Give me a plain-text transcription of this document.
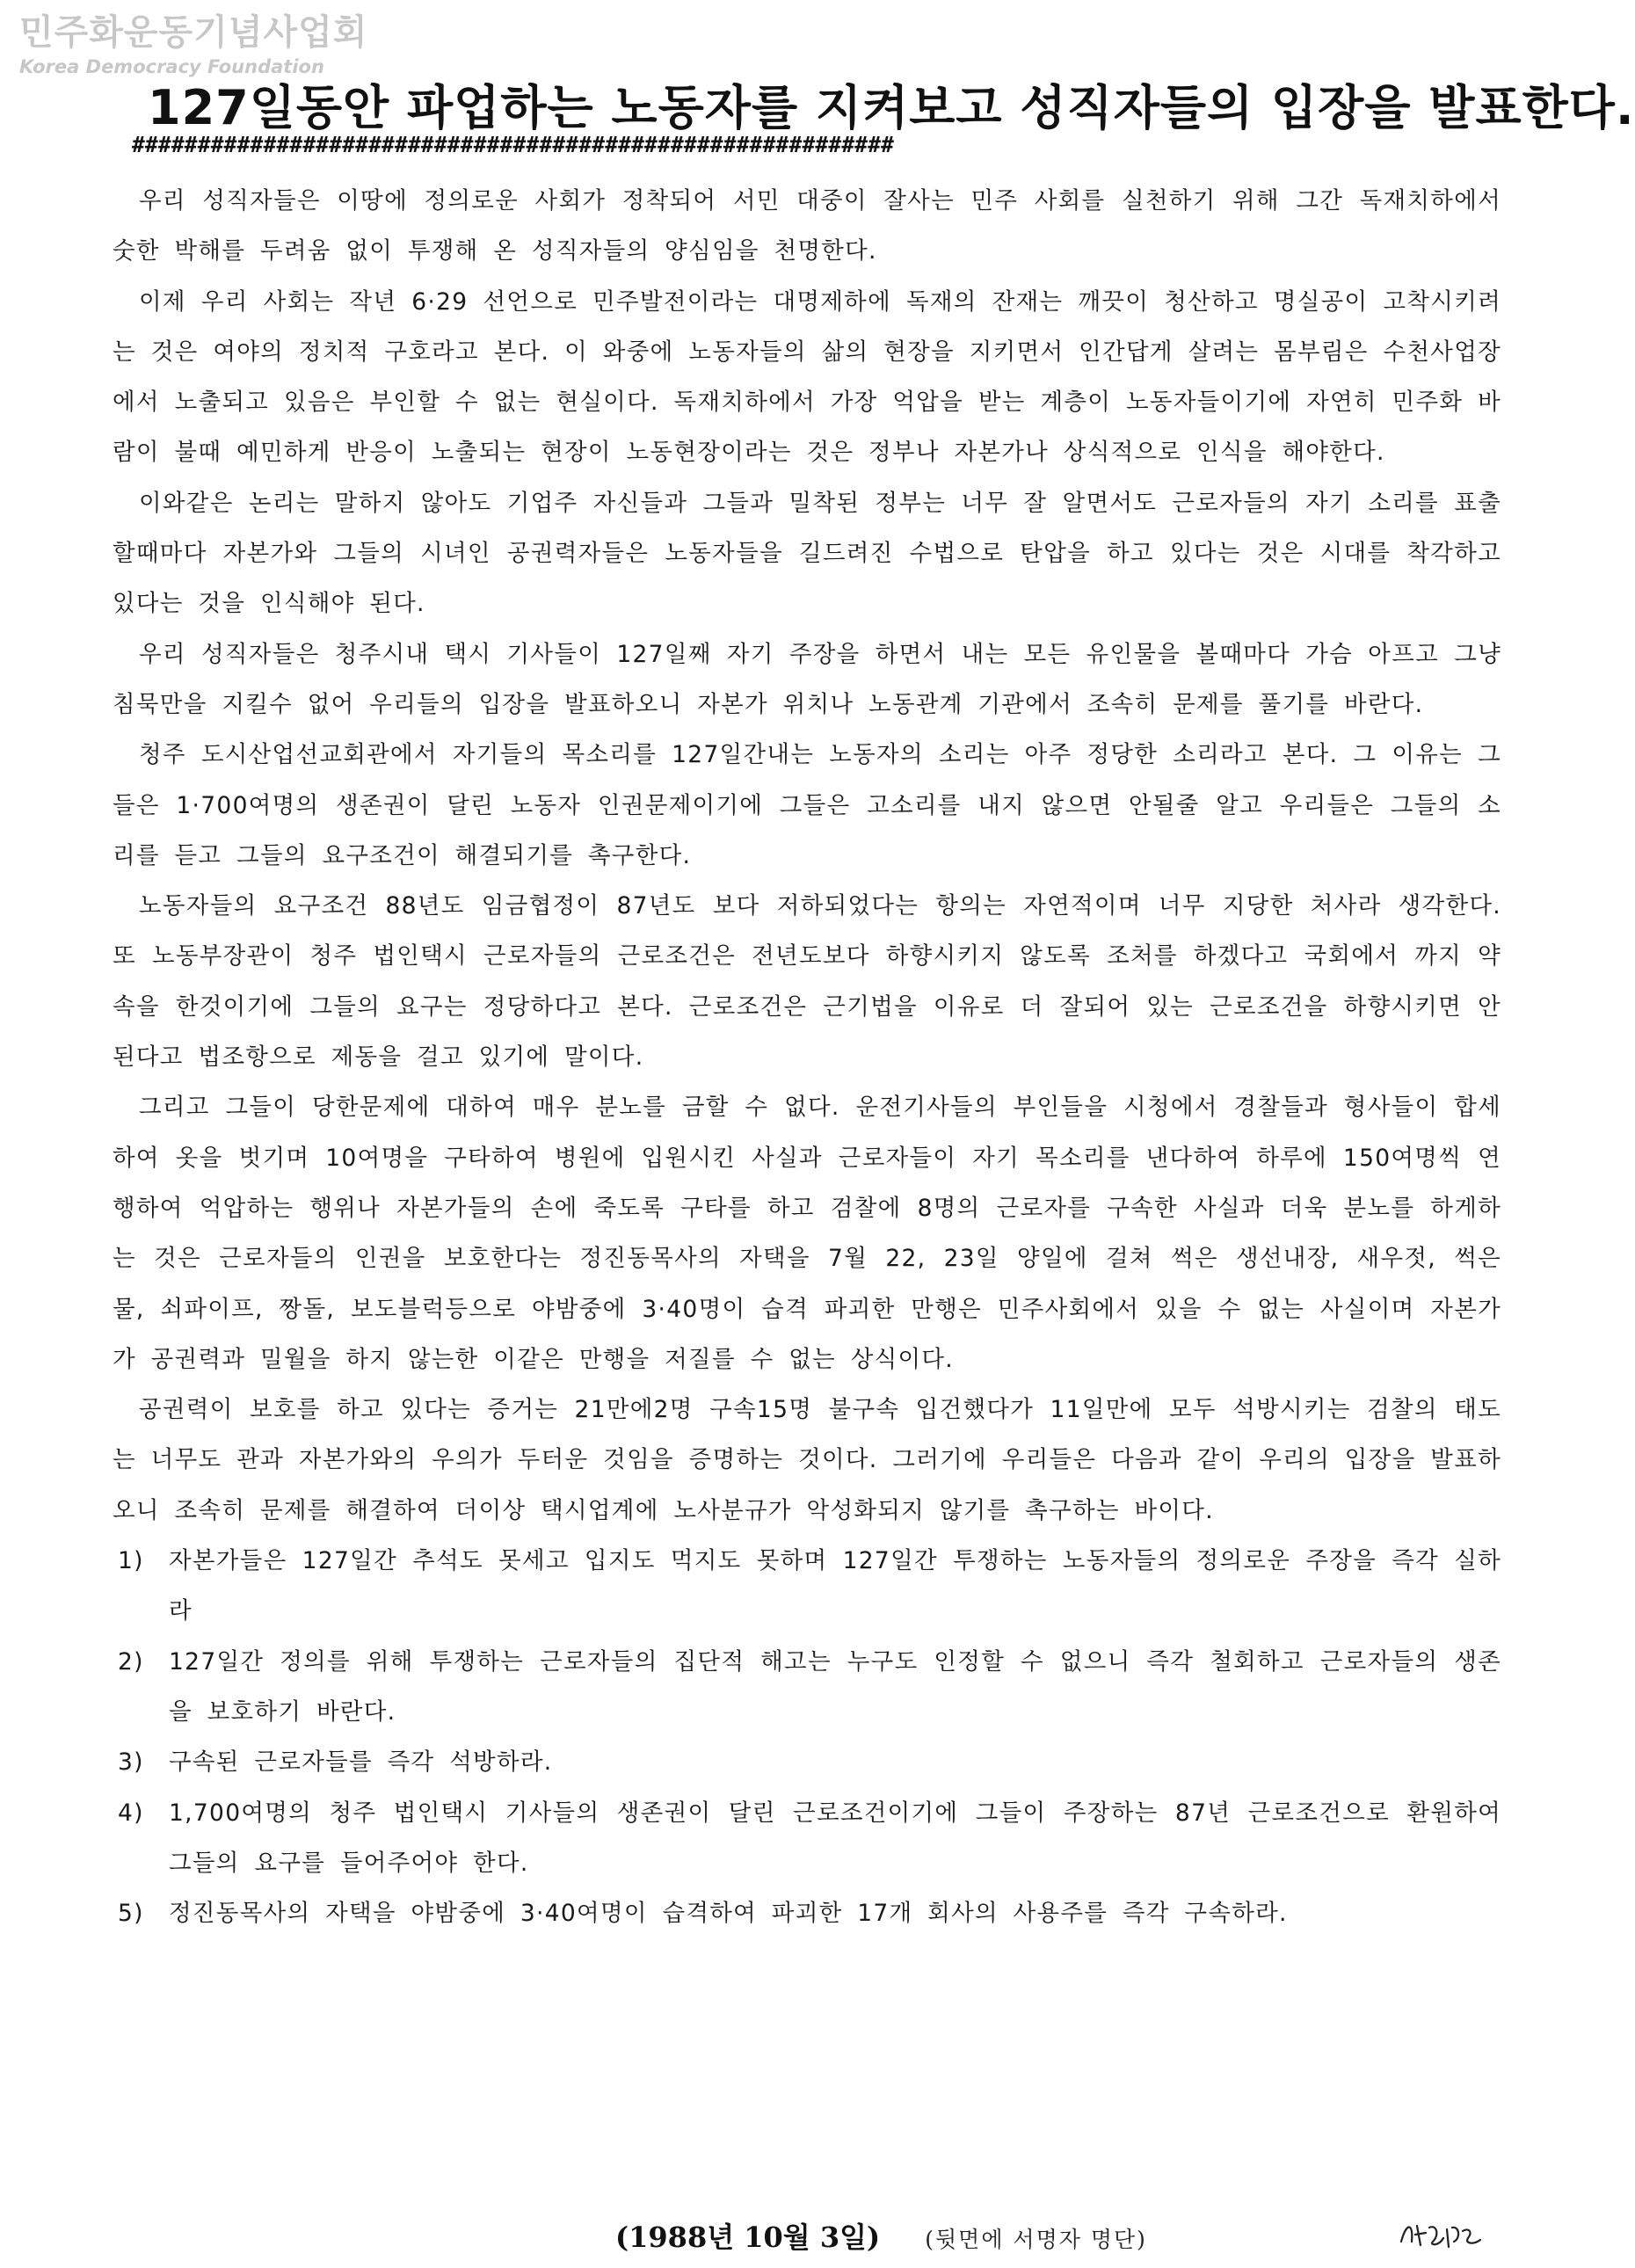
민주화운동기념사업회
Korea Democracy Foundation
127일동안 파업하는 노동자를 지켜보고 성직자들의 입장을 발표한다.
##########################################################

우리 성직자들은 이땅에 정의로운 사회가 정착되어 서민 대중이 잘사는 민주 사회를 실천하기 위해 그간 독재치하에서 숫한 박해를 두려움 없이 투쟁해 온 성직자들의 양심임을 천명한다.

이제 우리 사회는 작년 6·29 선언으로 민주발전이라는 대명제하에 독재의 잔재는 깨끗이 청산하고 명실공이 고착시키려는 것은 여야의 정치적 구호라고 본다. 이 와중에 노동자들의 삶의 현장을 지키면서 인간답게 살려는 몸부림은 수천사업장에서 노출되고 있음은 부인할 수 없는 현실이다. 독재치하에서 가장 억압을 받는 계층이 노동자들이기에 자연히 민주화 바람이 불때 예민하게 반응이 노출되는 현장이 노동현장이라는 것은 정부나 자본가나 상식적으로 인식을 해야한다.

이와같은 논리는 말하지 않아도 기업주 자신들과 그들과 밀착된 정부는 너무 잘 알면서도 근로자들의 자기 소리를 표출할때마다 자본가와 그들의 시녀인 공권력자들은 노동자들을 길드려진 수법으로 탄압을 하고 있다는 것은 시대를 착각하고 있다는 것을 인식해야 된다.

우리 성직자들은 청주시내 택시 기사들이 127일째 자기 주장을 하면서 내는 모든 유인물을 볼때마다 가슴 아프고 그냥 침묵만을 지킬수 없어 우리들의 입장을 발표하오니 자본가 위치나 노동관계 기관에서 조속히 문제를 풀기를 바란다.

청주 도시산업선교회관에서 자기들의 목소리를 127일간내는 노동자의 소리는 아주 정당한 소리라고 본다. 그 이유는 그들은 1·700여명의 생존권이 달린 노동자 인권문제이기에 그들은 고소리를 내지 않으면 안될줄 알고 우리들은 그들의 소리를 듣고 그들의 요구조건이 해결되기를 촉구한다.

노동자들의 요구조건 88년도 임금협정이 87년도 보다 저하되었다는 항의는 자연적이며 너무 지당한 처사라 생각한다. 또 노동부장관이 청주 법인택시 근로자들의 근로조건은 전년도보다 하향시키지 않도록 조처를 하겠다고 국회에서 까지 약속을 한것이기에 그들의 요구는 정당하다고 본다. 근로조건은 근기법을 이유로 더 잘되어 있는 근로조건을 하향시키면 안된다고 법조항으로 제동을 걸고 있기에 말이다.

그리고 그들이 당한문제에 대하여 매우 분노를 금할 수 없다. 운전기사들의 부인들을 시청에서 경찰들과 형사들이 합세하여 옷을 벗기며 10여명을 구타하여 병원에 입원시킨 사실과 근로자들이 자기 목소리를 낸다하여 하루에 150여명씩 연행하여 억압하는 행위나 자본가들의 손에 죽도록 구타를 하고 검찰에 8명의 근로자를 구속한 사실과 더욱 분노를 하게하는 것은 근로자들의 인권을 보호한다는 정진동목사의 자택을 7월 22, 23일 양일에 걸쳐 썩은 생선내장, 새우젓, 썩은 물, 쇠파이프, 짱돌, 보도블럭등으로 야밤중에 3·40명이 습격 파괴한 만행은 민주사회에서 있을 수 없는 사실이며 자본가가 공권력과 밀월을 하지 않는한 이같은 만행을 저질를 수 없는 상식이다.

공권력이 보호를 하고 있다는 증거는 21만에2명 구속15명 불구속 입건했다가 11일만에 모두 석방시키는 검찰의 태도는 너무도 관과 자본가와의 우의가 두터운 것임을 증명하는 것이다. 그러기에 우리들은 다음과 같이 우리의 입장을 발표하오니 조속히 문제를 해결하여 더이상 택시업계에 노사분규가 악성화되지 않기를 촉구하는 바이다.

1) 자본가들은 127일간 추석도 못세고 입지도 먹지도 못하며 127일간 투쟁하는 노동자들의 정의로운 주장을 즉각 실하라
2) 127일간 정의를 위해 투쟁하는 근로자들의 집단적 해고는 누구도 인정할 수 없으니 즉각 철회하고 근로자들의 생존을 보호하기 바란다.
3) 구속된 근로자들를 즉각 석방하라.
4) 1,700여명의 청주 법인택시 기사들의 생존권이 달린 근로조건이기에 그들이 주장하는 87년 근로조건으로 환원하여 그들의 요구를 들어주어야 한다.
5) 정진동목사의 자택을 야밤중에 3·40여명이 습격하여 파괴한 17개 회사의 사용주를 즉각 구속하라.
(1988년 10월 3일) (뒷면에 서명자 명단)
